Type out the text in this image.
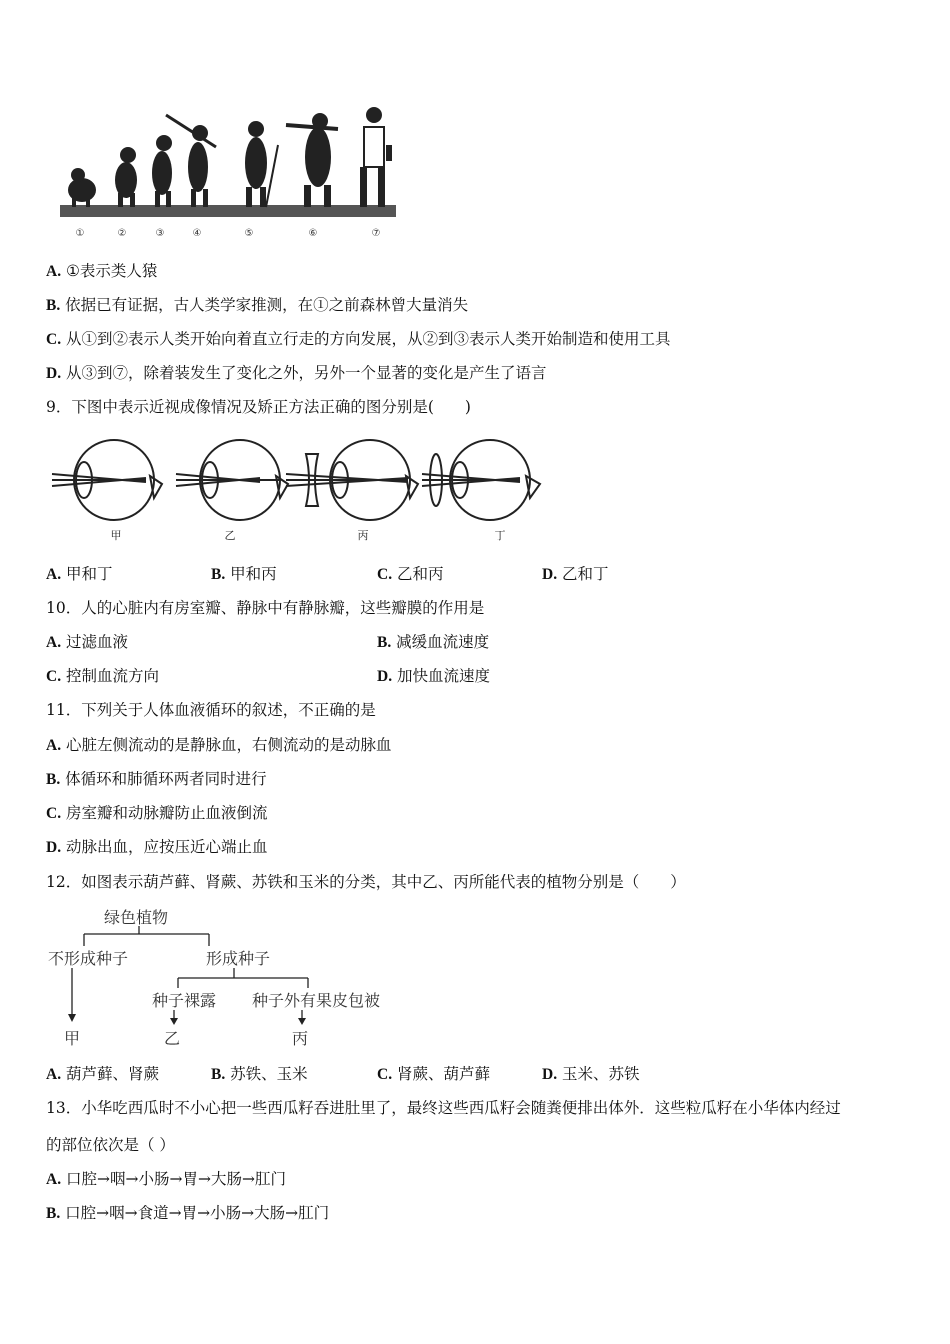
①	②	③	④	⑤	⑥	⑦
A. ①表示类人猿
B. 依据已有证据，古人类学家推测，在①之前森林曾大量消失
C. 从①到②表示人类开始向着直立行走的方向发展，从②到③表示人类开始制造和使用工具
D. 从③到⑦，除着装发生了变化之外，另外一个显著的变化是产生了语言
9．下图中表示近视成像情况及矫正方法正确的图分别是(　　)
甲	乙	丙	丁
A. 甲和丁	B. 甲和丙	C. 乙和丙	D. 乙和丁
10．人的心脏内有房室瓣、静脉中有静脉瓣，这些瓣膜的作用是
A. 过滤血液	B. 减缓血流速度
C. 控制血流方向	D. 加快血流速度
11．下列关于人体血液循环的叙述，不正确的是
A. 心脏左侧流动的是静脉血，右侧流动的是动脉血
B. 体循环和肺循环两者同时进行
C. 房室瓣和动脉瓣防止血液倒流
D. 动脉出血，应按压近心端止血
12．如图表示葫芦藓、肾蕨、苏铁和玉米的分类，其中乙、丙所能代表的植物分别是（　　）
绿色植物
不形成种子	形成种子
种子裸露 种子外有果皮包被
甲	乙	丙
A. 葫芦藓、肾蕨	B. 苏铁、玉米	C. 肾蕨、葫芦藓	D. 玉米、苏铁
13．小华吃西瓜时不小心把一些西瓜籽吞进肚里了，最终这些西瓜籽会随粪便排出体外．这些粒瓜籽在小华体内经过
的部位依次是（ ）
A. 口腔→咽→小肠→胃→大肠→肛门
B. 口腔→咽→食道→胃→小肠→大肠→肛门
